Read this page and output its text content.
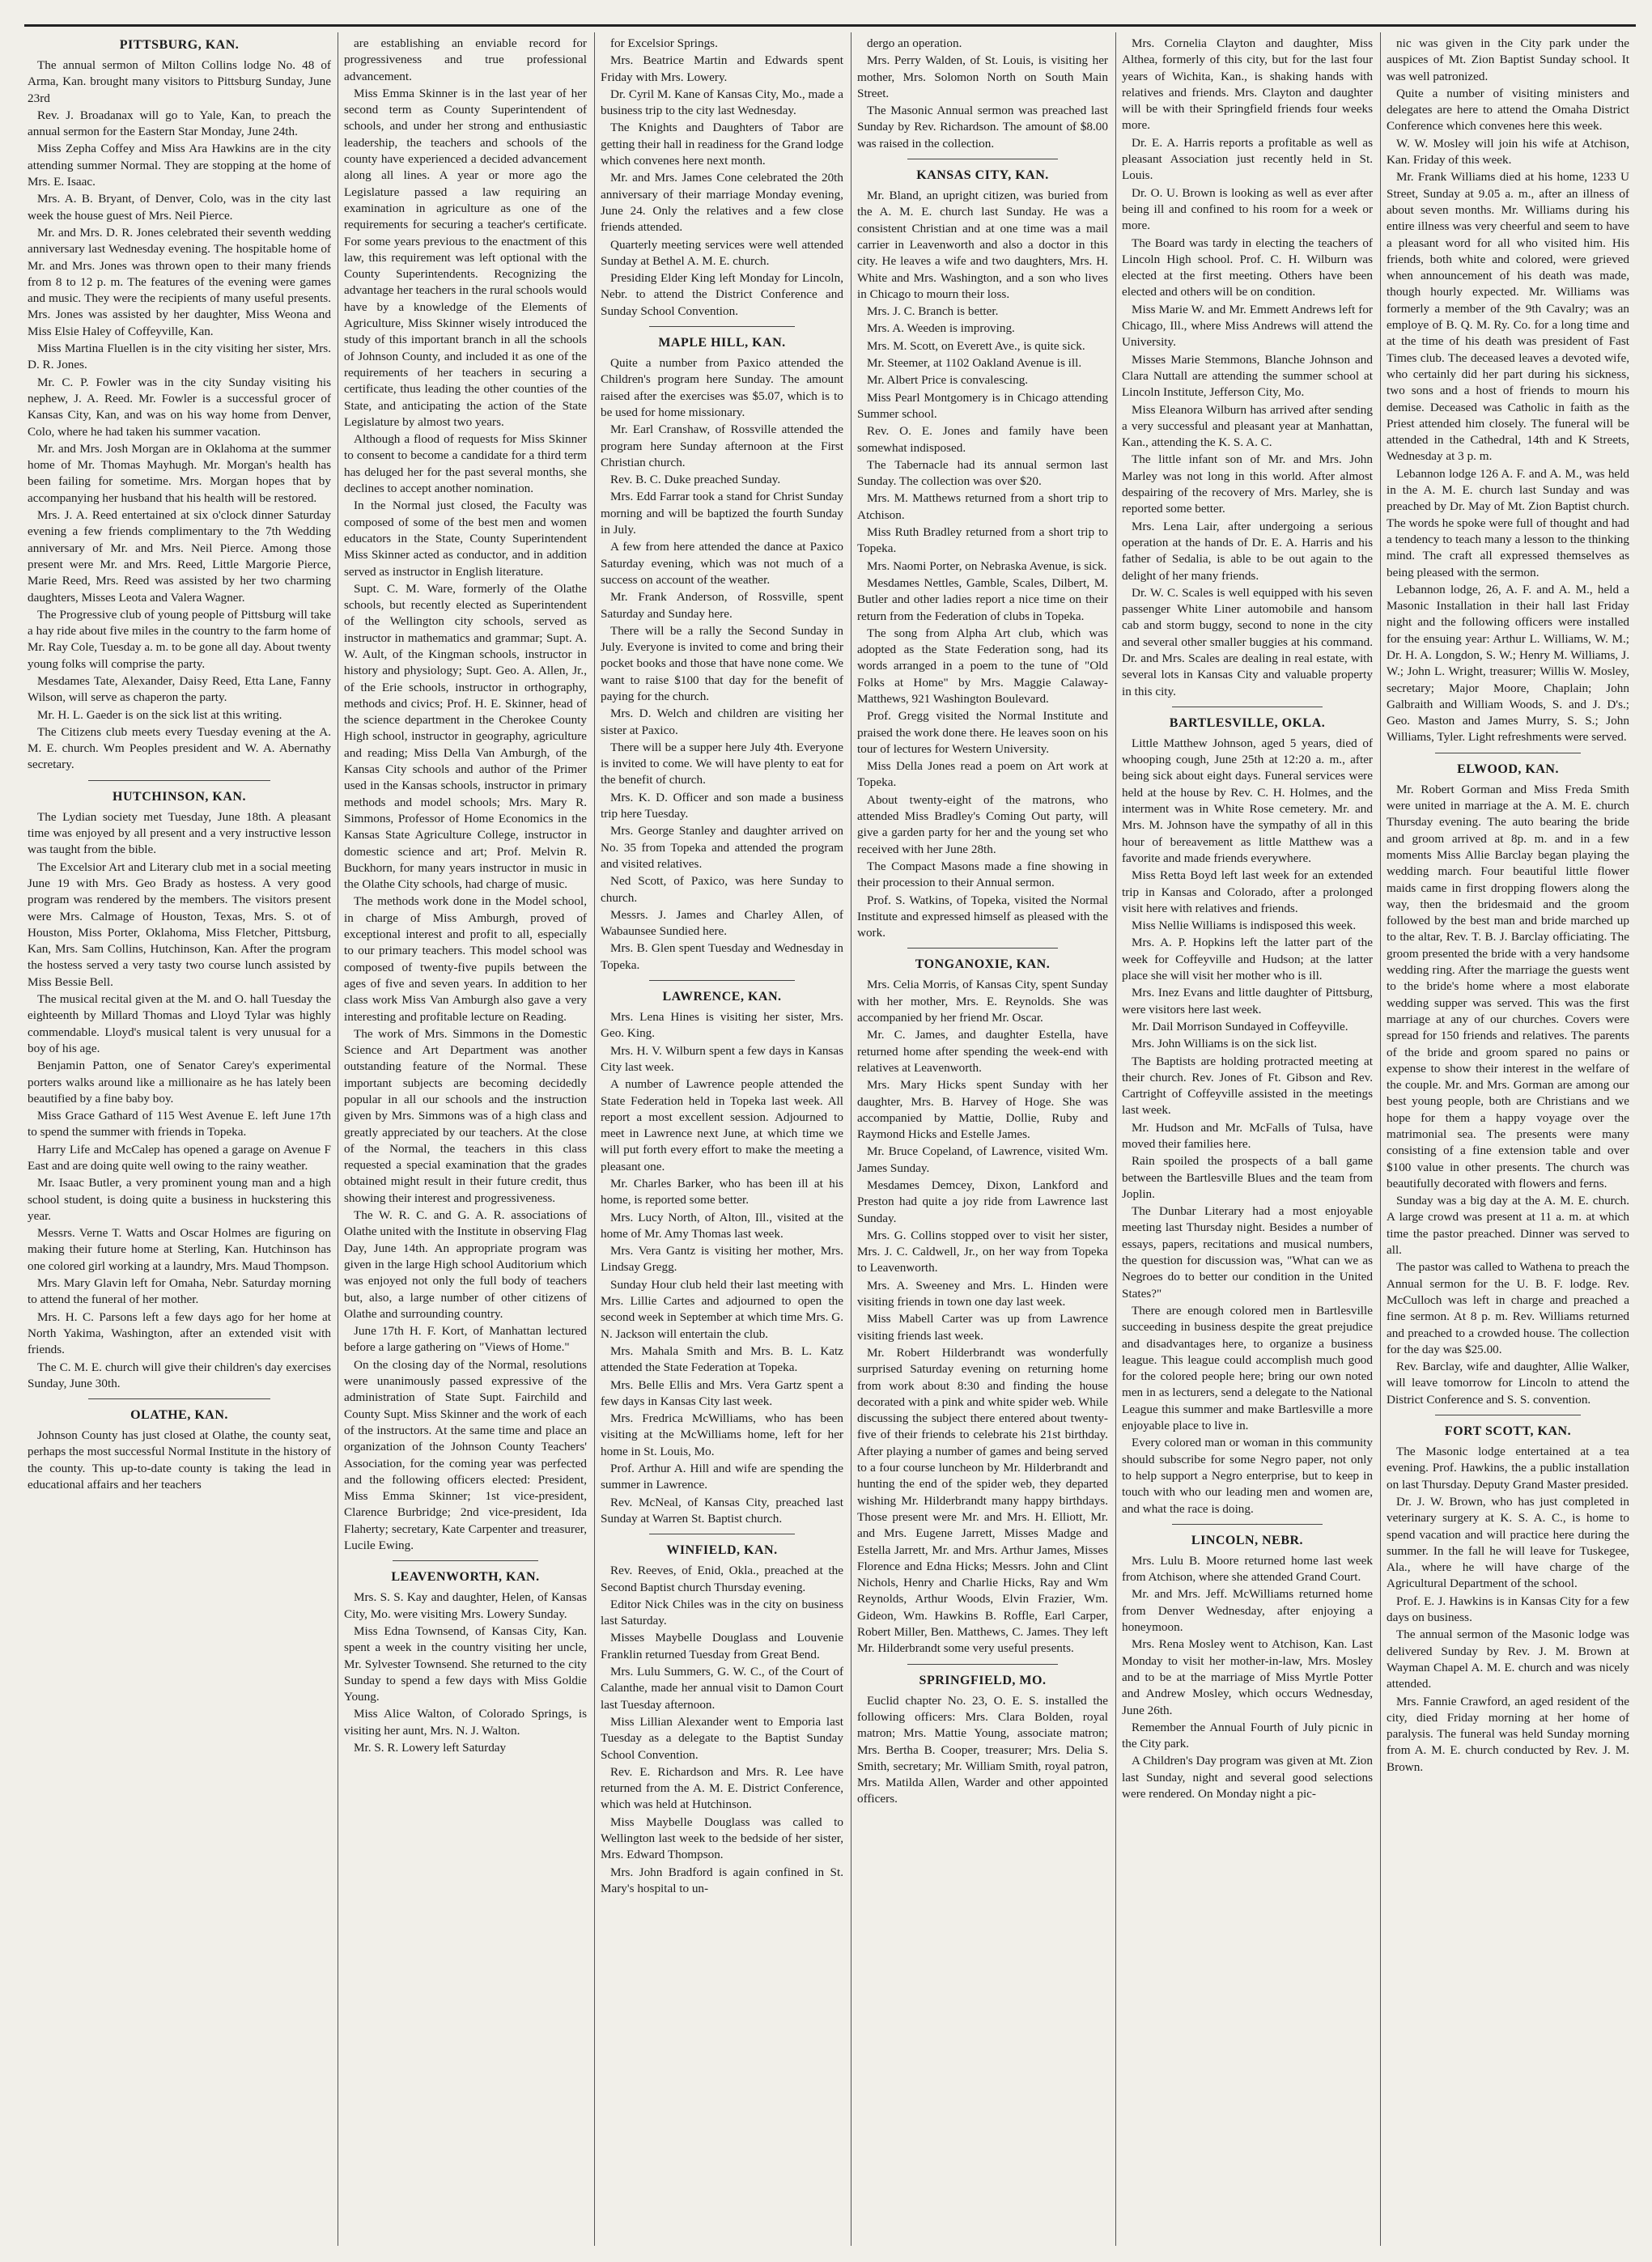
PITTSBURG, KAN.

The annual sermon of Milton Collins lodge No. 48 of Arma, Kan. brought many visitors to Pittsburg Sunday, June 23rd

Rev. J. Broadanax will go to Yale, Kan, to preach the annual sermon for the Eastern Star Monday, June 24th.

Miss Zepha Coffey and Miss Ara Hawkins are in the city attending summer Normal. They are stopping at the home of Mrs. E. Isaac.

Mrs. A. B. Bryant, of Denver, Colo, was in the city last week the house guest of Mrs. Neil Pierce.

Mr. and Mrs. D. R. Jones celebrated their seventh wedding anniversary last Wednesday evening. The hospitable home of Mr. and Mrs. Jones was thrown open to their many friends from 8 to 12 p. m. The features of the evening were games and music. They were the recipients of many useful presents. Mrs. Jones was assisted by her daughter, Miss Weona and Miss Elsie Haley of Coffeyville, Kan.

Miss Martina Fluellen is in the city visiting her sister, Mrs. D. R. Jones.

Mr. C. P. Fowler was in the city Sunday visiting his nephew, J. A. Reed. Mr. Fowler is a successful grocer of Kansas City, Kan, and was on his way home from Denver, Colo, where he had taken his summer vacation.

Mr. and Mrs. Josh Morgan are in Oklahoma at the summer home of Mr. Thomas Mayhugh. Mr. Morgan's health has been failing for sometime. Mrs. Morgan hopes that by accompanying her husband that his health will be restored.

Mrs. J. A. Reed entertained at six o'clock dinner Saturday evening a few friends complimentary to the 7th Wedding anniversary of Mr. and Mrs. Neil Pierce. Among those present were Mr. and Mrs. Reed, Little Margorie Pierce, Marie Reed, Mrs. Reed was assisted by her two charming daughters, Misses Leota and Valera Wagner.

The Progressive club of young people of Pittsburg will take a hay ride about five miles in the country to the farm home of Mr. Ray Cole, Tuesday a. m. to be gone all day. About twenty young folks will comprise the party.

Mesdames Tate, Alexander, Daisy Reed, Etta Lane, Fanny Wilson, will serve as chaperon the party.

Mr. H. L. Gaeder is on the sick list at this writing.

The Citizens club meets every Tuesday evening at the A. M. E. church. Wm Peoples president and W. A. Abernathy secretary.

HUTCHINSON, KAN.

The Lydian society met Tuesday, June 18th. A pleasant time was enjoyed by all present and a very instructive lesson was taught from the bible.

The Excelsior Art and Literary club met in a social meeting June 19 with Mrs. Geo Brady as hostess. A very good program was rendered by the members. The visitors present were Mrs. Calmage of Houston, Texas, Mrs. S. ot of Houston, Miss Porter, Oklahoma, Miss Fletcher, Pittsburg, Kan, Mrs. Sam Collins, Hutchinson, Kan. After the program the hostess served a very tasty two course lunch assisted by Miss Bessie Bell.

The musical recital given at the M. and O. hall Tuesday the eighteenth by Millard Thomas and Lloyd Tylar was highly commendable. Lloyd's musical talent is very unusual for a boy of his age.

Benjamin Patton, one of Senator Carey's experimental porters walks around like a millionaire as he has lately been beautified by a fine baby boy.

Miss Grace Gathard of 115 West Avenue E. left June 17th to spend the summer with friends in Topeka.

Harry Life and McCalep has opened a garage on Avenue F East and are doing quite well owing to the rainy weather.

Mr. Isaac Butler, a very prominent young man and a high school student, is doing quite a business in huckstering this year.

Messrs. Verne T. Watts and Oscar Holmes are figuring on making their future home at Sterling, Kan. Hutchinson has one colored girl working at a laundry, Mrs. Maud Thompson.

Mrs. Mary Glavin left for Omaha, Nebr. Saturday morning to attend the funeral of her mother.

Mrs. H. C. Parsons left a few days ago for her home at North Yakima, Washington, after an extended visit with friends.

The C. M. E. church will give their children's day exercises Sunday, June 30th.

OLATHE, KAN.

Johnson County has just closed at Olathe, the county seat, perhaps the most successful Normal Institute in the history of the county. This up-to-date county is taking the lead in educational affairs and her teachers

are establishing an enviable record for progressiveness and true professional advancement.

Miss Emma Skinner is in the last year of her second term as County Superintendent of schools, and under her strong and enthusiastic leadership, the teachers and schools of the county have experienced a decided advancement along all lines. A year or more ago the Legislature passed a law requiring an examination in agriculture as one of the requirements for securing a teacher's certificate. For some years previous to the enactment of this law, this requirement was left optional with the County Superintendents. Recognizing the advantage her teachers in the rural schools would have by a knowledge of the Elements of Agriculture, Miss Skinner wisely introduced the study of this important branch in all the schools of Johnson County, and included it as one of the requirements of her teachers in securing a certificate, thus leading the other counties of the State, and anticipating the action of the State Legislature by almost two years.

Although a flood of requests for Miss Skinner to consent to become a candidate for a third term has deluged her for the past several months, she declines to accept another nomination.

In the Normal just closed, the Faculty was composed of some of the best men and women educators in the State, County Superintendent Miss Skinner acted as conductor, and in addition served as instructor in English literature.

Supt. C. M. Ware, formerly of the Olathe schools, but recently elected as Superintendent of the Wellington city schools, served as instructor in mathematics and grammar; Supt. A. W. Ault, of the Kingman schools, instructor in history and physiology; Supt. Geo. A. Allen, Jr., of the Erie schools, instructor in orthography, methods and civics; Prof. H. E. Skinner, head of the science department in the Cherokee County High school, instructor in geography, agriculture and reading; Miss Della Van Amburgh, of the Kansas City schools and author of the Primer used in the Kansas schools, instructor in primary methods and model schools; Mrs. Mary R. Simmons, Professor of Home Economics in the Kansas State Agriculture College, instructor in domestic science and art; Prof. Melvin R. Buckhorn, for many years instructor in music in the Olathe City schools, had charge of music.

The methods work done in the Model school, in charge of Miss Amburgh, proved of exceptional interest and profit to all, especially to our primary teachers. This model school was composed of twenty-five pupils between the ages of five and seven years. In addition to her class work Miss Van Amburgh also gave a very interesting and profitable lecture on Reading.

The work of Mrs. Simmons in the Domestic Science and Art Department was another outstanding feature of the Normal. These important subjects are becoming decidedly popular in all our schools and the instruction given by Mrs. Simmons was of a high class and greatly appreciated by our teachers. At the close of the Normal, the teachers in this class requested a special examination that the grades obtained might result in their future credit, thus showing their interest and progressiveness.

The W. R. C. and G. A. R. associations of Olathe united with the Institute in observing Flag Day, June 14th. An appropriate program was given in the large High school Auditorium which was enjoyed not only the full body of teachers but, also, a large number of other citizens of Olathe and surrounding country.

June 17th H. F. Kort, of Manhattan lectured before a large gathering on "Views of Home."

On the closing day of the Normal, resolutions were unanimously passed expressive of the administration of State Supt. Fairchild and County Supt. Miss Skinner and the work of each of the instructors. At the same time and place an organization of the Johnson County Teachers' Association, for the coming year was perfected and the following officers elected: President, Miss Emma Skinner; 1st vice-president, Clarence Burbridge; 2nd vice-president, Ida Flaherty; secretary, Kate Carpenter and treasurer, Lucile Ewing.

LEAVENWORTH, KAN.

Mrs. S. S. Kay and daughter, Helen, of Kansas City, Mo. were visiting Mrs. Lowery Sunday.

Miss Edna Townsend, of Kansas City, Kan. spent a week in the country visiting her uncle, Mr. Sylvester Townsend. She returned to the city Sunday to spend a few days with Miss Goldie Young.

Miss Alice Walton, of Colorado Springs, is visiting her aunt, Mrs. N. J. Walton.

Mr. S. R. Lowery left Saturday

for Excelsior Springs.

Mrs. Beatrice Martin and Edwards spent Friday with Mrs. Lowery.

Dr. Cyril M. Kane of Kansas City, Mo., made a business trip to the city last Wednesday.

The Knights and Daughters of Tabor are getting their hall in readiness for the Grand lodge which convenes here next month.

Mr. and Mrs. James Cone celebrated the 20th anniversary of their marriage Monday evening, June 24. Only the relatives and a few close friends attended.

Quarterly meeting services were well attended Sunday at Bethel A. M. E. church.

Presiding Elder King left Monday for Lincoln, Nebr. to attend the District Conference and Sunday School Convention.

MAPLE HILL, KAN.

Quite a number from Paxico attended the Children's program here Sunday. The amount raised after the exercises was $5.07, which is to be used for home missionary.

Mr. Earl Cranshaw, of Rossville attended the program here Sunday afternoon at the First Christian church.

Rev. B. C. Duke preached Sunday.

Mrs. Edd Farrar took a stand for Christ Sunday morning and will be baptized the fourth Sunday in July.

A few from here attended the dance at Paxico Saturday evening, which was not much of a success on account of the weather.

Mr. Frank Anderson, of Rossville, spent Saturday and Sunday here.

There will be a rally the Second Sunday in July. Everyone is invited to come and bring their pocket books and those that have none come. We want to raise $100 that day for the benefit of paying for the church.

Mrs. D. Welch and children are visiting her sister at Paxico.

There will be a supper here July 4th. Everyone is invited to come. We will have plenty to eat for the benefit of church.

Mrs. K. D. Officer and son made a business trip here Tuesday.

Mrs. George Stanley and daughter arrived on No. 35 from Topeka and attended the program and visited relatives.

Ned Scott, of Paxico, was here Sunday to church.

Messrs. J. James and Charley Allen, of Wabaunsee Sundied here.

Mrs. B. Glen spent Tuesday and Wednesday in Topeka.

LAWRENCE, KAN.

Mrs. Lena Hines is visiting her sister, Mrs. Geo. King.

Mrs. H. V. Wilburn spent a few days in Kansas City last week.

A number of Lawrence people attended the State Federation held in Topeka last week. All report a most excellent session. Adjourned to meet in Lawrence next June, at which time we will put forth every effort to make the meeting a pleasant one.

Mr. Charles Barker, who has been ill at his home, is reported some better.

Mrs. Lucy North, of Alton, Ill., visited at the home of Mr. Amy Thomas last week.

Mrs. Vera Gantz is visiting her mother, Mrs. Lindsay Gregg.

Sunday Hour club held their last meeting with Mrs. Lillie Cartes and adjourned to open the second week in September at which time Mrs. G. N. Jackson will entertain the club.

Mrs. Mahala Smith and Mrs. B. L. Katz attended the State Federation at Topeka.

Mrs. Belle Ellis and Mrs. Vera Gartz spent a few days in Kansas City last week.

Mrs. Fredrica McWilliams, who has been visiting at the McWilliams home, left for her home in St. Louis, Mo.

Prof. Arthur A. Hill and wife are spending the summer in Lawrence.

Rev. McNeal, of Kansas City, preached last Sunday at Warren St. Baptist church.

WINFIELD, KAN.

Rev. Reeves, of Enid, Okla., preached at the Second Baptist church Thursday evening.

Editor Nick Chiles was in the city on business last Saturday.

Misses Maybelle Douglass and Louvenie Franklin returned Tuesday from Great Bend.

Mrs. Lulu Summers, G. W. C., of the Court of Calanthe, made her annual visit to Damon Court last Tuesday afternoon.

Miss Lillian Alexander went to Emporia last Tuesday as a delegate to the Baptist Sunday School Convention.

Rev. E. Richardson and Mrs. R. Lee have returned from the A. M. E. District Conference, which was held at Hutchinson.

Miss Maybelle Douglass was called to Wellington last week to the bedside of her sister, Mrs. Edward Thompson.

Mrs. John Bradford is again confined in St. Mary's hospital to un-

dergo an operation.

Mrs. Perry Walden, of St. Louis, is visiting her mother, Mrs. Solomon North on South Main Street.

The Masonic Annual sermon was preached last Sunday by Rev. Richardson. The amount of $8.00 was raised in the collection.

KANSAS CITY, KAN.

Mr. Bland, an upright citizen, was buried from the A. M. E. church last Sunday. He was a consistent Christian and at one time was a mail carrier in Leavenworth and also a doctor in this city. He leaves a wife and two daughters, Mrs. H. White and Mrs. Washington, and a son who lives in Chicago to mourn their loss.

Mrs. J. C. Branch is better.

Mrs. A. Weeden is improving.

Mrs. M. Scott, on Everett Ave., is quite sick.

Mr. Steemer, at 1102 Oakland Avenue is ill.

Mr. Albert Price is convalescing.

Miss Pearl Montgomery is in Chicago attending Summer school.

Rev. O. E. Jones and family have been somewhat indisposed.

The Tabernacle had its annual sermon last Sunday. The collection was over $20.

Mrs. M. Matthews returned from a short trip to Atchison.

Miss Ruth Bradley returned from a short trip to Topeka.

Mrs. Naomi Porter, on Nebraska Avenue, is sick.

Mesdames Nettles, Gamble, Scales, Dilbert, M. Butler and other ladies report a nice time on their return from the Federation of clubs in Topeka.

The song from Alpha Art club, which was adopted as the State Federation song, had its words arranged in a poem to the tune of "Old Folks at Home" by Mrs. Maggie Calaway-Matthews, 921 Washington Boulevard.

Prof. Gregg visited the Normal Institute and praised the work done there. He leaves soon on his tour of lectures for Western University.

Miss Della Jones read a poem on Art work at Topeka.

About twenty-eight of the matrons, who attended Miss Bradley's Coming Out party, will give a garden party for her and the young set who received with her June 28th.

The Compact Masons made a fine showing in their procession to their Annual sermon.

Prof. S. Watkins, of Topeka, visited the Normal Institute and expressed himself as pleased with the work.

TONGANOXIE, KAN.

Mrs. Celia Morris, of Kansas City, spent Sunday with her mother, Mrs. E. Reynolds. She was accompanied by her friend Mr. Oscar.

Mr. C. James, and daughter Estella, have returned home after spending the week-end with relatives at Leavenworth.

Mrs. Mary Hicks spent Sunday with her daughter, Mrs. B. Harvey of Hoge. She was accompanied by Mattie, Dollie, Ruby and Raymond Hicks and Estelle James.

Mr. Bruce Copeland, of Lawrence, visited Wm. James Sunday.

Mesdames Demcey, Dixon, Lankford and Preston had quite a joy ride from Lawrence last Sunday.

Mrs. G. Collins stopped over to visit her sister, Mrs. J. C. Caldwell, Jr., on her way from Topeka to Leavenworth.

Mrs. A. Sweeney and Mrs. L. Hinden were visiting friends in town one day last week.

Miss Mabell Carter was up from Lawrence visiting friends last week.

Mr. Robert Hilderbrandt was wonderfully surprised Saturday evening on returning home from work about 8:30 and finding the house decorated with a pink and white spider web. While discussing the subject there entered about twenty-five of their friends to celebrate his 21st birthday. After playing a number of games and being served to a four course luncheon by Mr. Hilderbrandt and hunting the end of the spider web, they departed wishing Mr. Hilderbrandt many happy birthdays. Those present were Mr. and Mrs. H. Elliott, Mr. and Mrs. Eugene Jarrett, Misses Madge and Estella Jarrett, Mr. and Mrs. Arthur James, Misses Florence and Edna Hicks; Messrs. John and Clint Nichols, Henry and Charlie Hicks, Ray and Wm Reynolds, Arthur Woods, Elvin Frazier, Wm. Gideon, Wm. Hawkins B. Roffle, Earl Carper, Robert Miller, Ben. Matthews, C. James. They left Mr. Hilderbrandt some very useful presents.

SPRINGFIELD, MO.

Euclid chapter No. 23, O. E. S. installed the following officers: Mrs. Clara Bolden, royal matron; Mrs. Mattie Young, associate matron; Mrs. Bertha B. Cooper, treasurer; Mrs. Delia S. Smith, secretary; Mr. William Smith, royal patron, Mrs. Matilda Allen, Warder and other appointed officers.

Mrs. Cornelia Clayton and daughter, Miss Althea, formerly of this city, but for the last four years of Wichita, Kan., is shaking hands with relatives and friends. Mrs. Clayton and daughter will be with their Springfield friends four weeks more.

Dr. E. A. Harris reports a profitable as well as pleasant Association just recently held in St. Louis.

Dr. O. U. Brown is looking as well as ever after being ill and confined to his room for a week or more.

The Board was tardy in electing the teachers of Lincoln High school. Prof. C. H. Wilburn was elected at the first meeting. Others have been elected and others will be on condition.

Miss Marie W. and Mr. Emmett Andrews left for Chicago, Ill., where Miss Andrews will attend the University.

Misses Marie Stemmons, Blanche Johnson and Clara Nuttall are attending the summer school at Lincoln Institute, Jefferson City, Mo.

Miss Eleanora Wilburn has arrived after sending a very successful and pleasant year at Manhattan, Kan., attending the K. S. A. C.

The little infant son of Mr. and Mrs. John Marley was not long in this world. After almost despairing of the recovery of Mrs. Marley, she is reported some better.

Mrs. Lena Lair, after undergoing a serious operation at the hands of Dr. E. A. Harris and his father of Sedalia, is able to be out again to the delight of her many friends.

Dr. W. C. Scales is well equipped with his seven passenger White Liner automobile and hansom cab and storm buggy, second to none in the city and several other smaller buggies at his command. Dr. and Mrs. Scales are dealing in real estate, with several lots in Kansas City and valuable property in this city.

BARTLESVILLE, OKLA.

Little Matthew Johnson, aged 5 years, died of whooping cough, June 25th at 12:20 a. m., after being sick about eight days. Funeral services were held at the house by Rev. C. H. Holmes, and the interment was in White Rose cemetery. Mr. and Mrs. M. Johnson have the sympathy of all in this hour of bereavement as little Matthew was a favorite and made friends everywhere.

Miss Retta Boyd left last week for an extended trip in Kansas and Colorado, after a prolonged visit here with relatives and friends.

Miss Nellie Williams is indisposed this week.

Mrs. A. P. Hopkins left the latter part of the week for Coffeyville and Hudson; at the latter place she will visit her mother who is ill.

Mrs. Inez Evans and little daughter of Pittsburg, were visitors here last week.

Mr. Dail Morrison Sundayed in Coffeyville.

Mrs. John Williams is on the sick list.

The Baptists are holding protracted meeting at their church. Rev. Jones of Ft. Gibson and Rev. Cartright of Coffeyville assisted in the meetings last week.

Mr. Hudson and Mr. McFalls of Tulsa, have moved their families here.

Rain spoiled the prospects of a ball game between the Bartlesville Blues and the team from Joplin.

The Dunbar Literary had a most enjoyable meeting last Thursday night. Besides a number of essays, papers, recitations and musical numbers, the question for discussion was, "What can we as Negroes do to better our condition in the United States?"

There are enough colored men in Bartlesville succeeding in business despite the great prejudice and disadvantages here, to organize a business league. This league could accomplish much good for the colored people here; bring our own noted men in as lecturers, send a delegate to the National League this summer and make Bartlesville a more enjoyable place to live in.

Every colored man or woman in this community should subscribe for some Negro paper, not only to help support a Negro enterprise, but to keep in touch with who our leading men and women are, and what the race is doing.

LINCOLN, NEBR.

Mrs. Lulu B. Moore returned home last week from Atchison, where she attended Grand Court.

Mr. and Mrs. Jeff. McWilliams returned home from Denver Wednesday, after enjoying a honeymoon.

Mrs. Rena Mosley went to Atchison, Kan. Last Monday to visit her mother-in-law, Mrs. Mosley and to be at the marriage of Miss Myrtle Potter and Andrew Mosley, which occurs Wednesday, June 26th.

Remember the Annual Fourth of July picnic in the City park.

A Children's Day program was given at Mt. Zion last Sunday, night and several good selections were rendered. On Monday night a pic-

nic was given in the City park under the auspices of Mt. Zion Baptist Sunday school. It was well patronized.

Quite a number of visiting ministers and delegates are here to attend the Omaha District Conference which convenes here this week.

W. W. Mosley will join his wife at Atchison, Kan. Friday of this week.

Mr. Frank Williams died at his home, 1233 U Street, Sunday at 9.05 a. m., after an illness of about seven months. Mr. Williams during his entire illness was very cheerful and seem to have a pleasant word for all who visited him. His friends, both white and colored, were grieved when announcement of his death was made, though hourly expected. Mr. Williams was formerly a member of the 9th Cavalry; was an employe of B. Q. M. Ry. Co. for a long time and at the time of his death was president of Fast Times club. The deceased leaves a devoted wife, who certainly did her part during his sickness, two sons and a host of friends to mourn his demise. Deceased was Catholic in faith as the Priest attended him closely. The funeral will be attended in the Cathedral, 14th and K Streets, Wednesday at 3 p. m.

Lebannon lodge 126 A. F. and A. M., was held in the A. M. E. church last Sunday and was preached by Dr. May of Mt. Zion Baptist church. The words he spoke were full of thought and had a tendency to teach many a lesson to the thinking mind. The craft all expressed themselves as being pleased with the sermon.

Lebannon lodge, 26, A. F. and A. M., held a Masonic Installation in their hall last Friday night and the following officers were installed for the ensuing year: Arthur L. Williams, W. M.; Dr. H. A. Longdon, S. W.; Henry M. Williams, J. W.; John L. Wright, treasurer; Willis W. Mosley, secretary; Major Moore, Chaplain; John Galbraith and William Woods, S. and J. D's.; Geo. Maston and James Murry, S. S.; John Williams, Tyler. Light refreshments were served.

ELWOOD, KAN.

Mr. Robert Gorman and Miss Freda Smith were united in marriage at the A. M. E. church Thursday evening. The auto bearing the bride and groom arrived at 8p. m. and in a few moments Miss Allie Barclay began playing the wedding march. Four beautiful little flower maids came in first dropping flowers along the way, then the bridesmaid and the groom followed by the best man and bride marched up to the altar, Rev. T. B. J. Barclay officiating. The groom presented the bride with a very handsome wedding ring. After the marriage the guests went to the bride's home where a most elaborate wedding supper was served. This was the first marriage at any of our churches. Covers were spread for 150 friends and relatives. The parents of the bride and groom spared no pains or expense to show their interest in the welfare of the couple. Mr. and Mrs. Gorman are among our best young people, both are Christians and we hope for them a happy voyage over the matrimonial sea. The presents were many consisting of a fine extension table and over $100 value in other presents. The church was beautifully decorated with flowers and ferns.

Sunday was a big day at the A. M. E. church. A large crowd was present at 11 a. m. at which time the pastor preached. Dinner was served to all.

The pastor was called to Wathena to preach the Annual sermon for the U. B. F. lodge. Rev. McCulloch was left in charge and preached a fine sermon. At 8 p. m. Rev. Williams returned and preached to a crowded house. The collection for the day was $25.00.

Rev. Barclay, wife and daughter, Allie Walker, will leave tomorrow for Lincoln to attend the District Conference and S. S. convention.

FORT SCOTT, KAN.

The Masonic lodge entertained at a tea evening. Prof. Hawkins, the a public installation on last Thursday. Deputy Grand Master presided.

Dr. J. W. Brown, who has just completed in veterinary surgery at K. S. A. C., is home to spend vacation and will practice here during the summer. In the fall he will leave for Tuskegee, Ala., where he will have charge of the Agricultural Department of the school.

Prof. E. J. Hawkins is in Kansas City for a few days on business.

The annual sermon of the Masonic lodge was delivered Sunday by Rev. J. M. Brown at Wayman Chapel A. M. E. church and was nicely attended.

Mrs. Fannie Crawford, an aged resident of the city, died Friday morning at her home of paralysis. The funeral was held Sunday morning from A. M. E. church conducted by Rev. J. M. Brown.
